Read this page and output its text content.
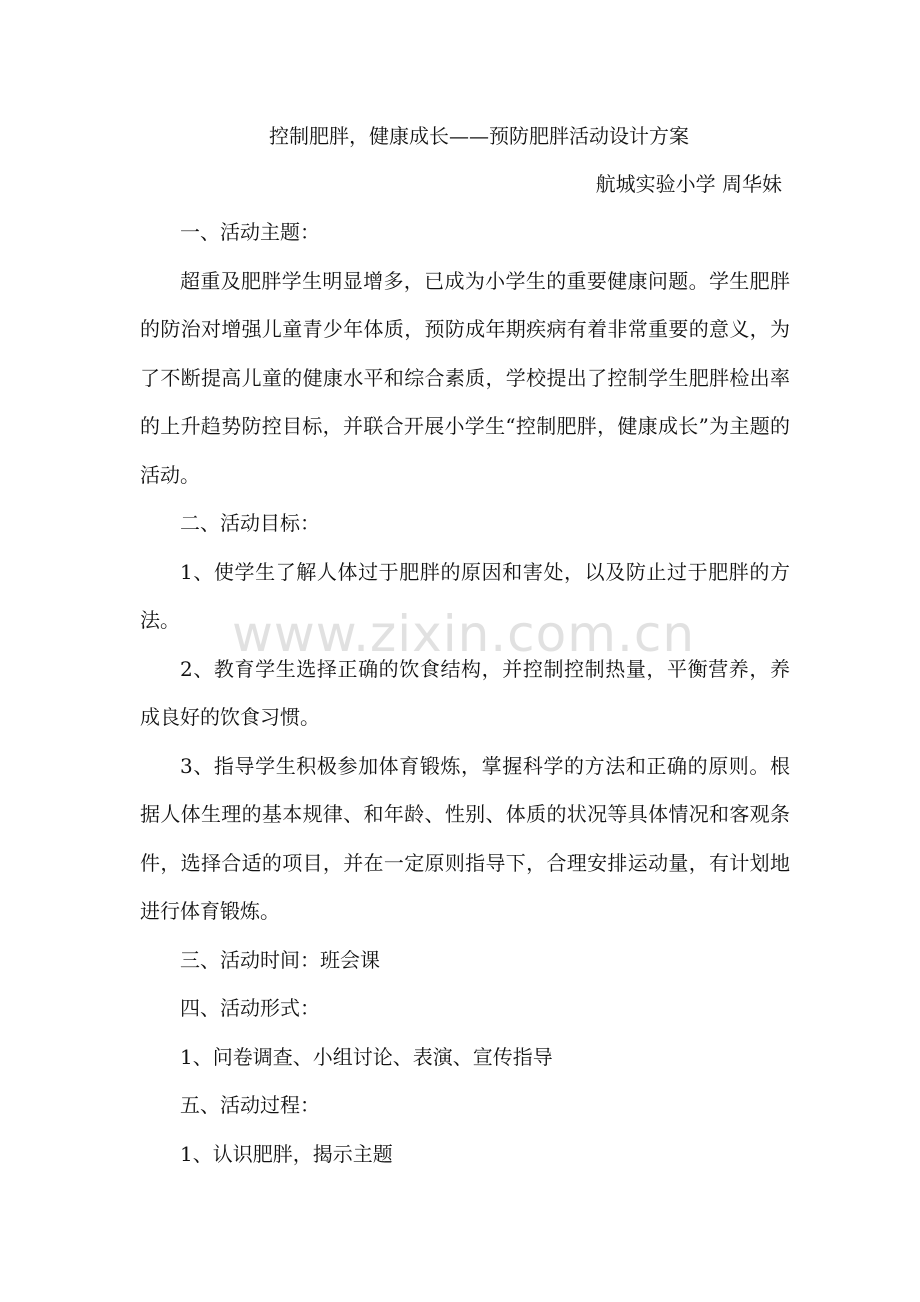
控制肥胖，健康成长——预防肥胖活动设计方案
航城实验小学 周华妹

一、活动主题：

超重及肥胖学生明显增多，已成为小学生的重要健康问题。学生肥胖的防治对增强儿童青少年体质，预防成年期疾病有着非常重要的意义，为了不断提高儿童的健康水平和综合素质，学校提出了控制学生肥胖检出率的上升趋势防控目标，并联合开展小学生“控制肥胖，健康成长”为主题的活动。

二、活动目标：

1、使学生了解人体过于肥胖的原因和害处，以及防止过于肥胖的方法。

2、教育学生选择正确的饮食结构，并控制控制热量，平衡营养，养成良好的饮食习惯。

3、指导学生积极参加体育锻炼，掌握科学的方法和正确的原则。根据人体生理的基本规律、和年龄、性别、体质的状况等具体情况和客观条件，选择合适的项目，并在一定原则指导下，合理安排运动量，有计划地进行体育锻炼。

三、活动时间：班会课

四、活动形式：

1、问卷调查、小组讨论、表演、宣传指导

五、活动过程：

1、认识肥胖，揭示主题

www.zixin.com.cn
